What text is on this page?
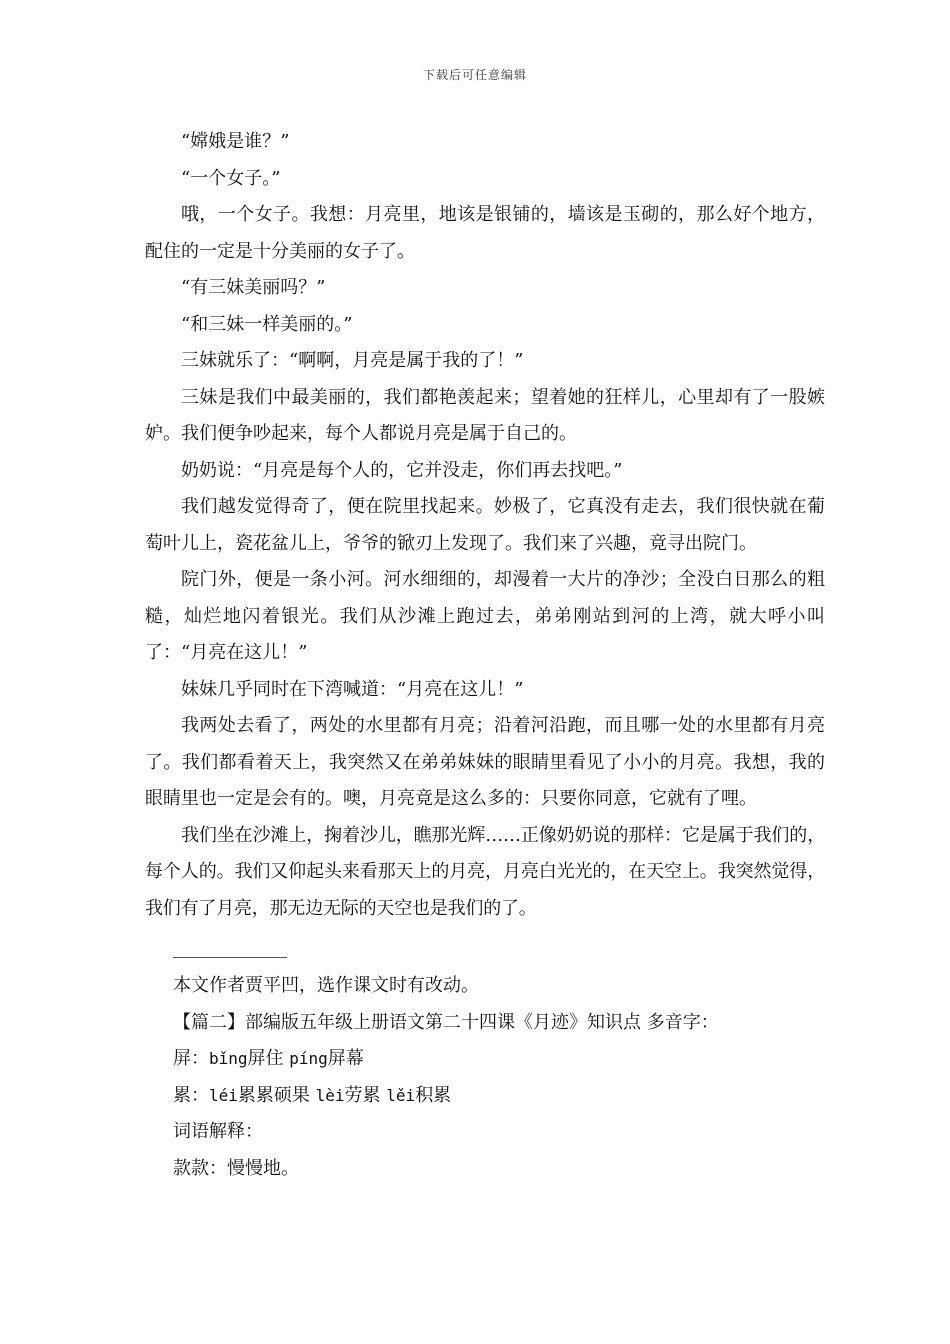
下载后可任意编辑

“嫦娥是谁？”

“一个女子。”

哦，一个女子。我想：月亮里，地该是银铺的，墙该是玉砌的，那么好个地方，配住的一定是十分美丽的女子了。

“有三妹美丽吗？”

“和三妹一样美丽的。”

三妹就乐了：“啊啊，月亮是属于我的了！”

三妹是我们中最美丽的，我们都艳羡起来；望着她的狂样儿，心里却有了一股嫉妒。我们便争吵起来，每个人都说月亮是属于自己的。

奶奶说：“月亮是每个人的，它并没走，你们再去找吧。”

我们越发觉得奇了，便在院里找起来。妙极了，它真没有走去，我们很快就在葡萄叶儿上，瓷花盆儿上，爷爷的锨刃上发现了。我们来了兴趣，竟寻出院门。

院门外，便是一条小河。河水细细的，却漫着一大片的净沙；全没白日那么的粗糙，灿烂地闪着银光。我们从沙滩上跑过去，弟弟刚站到河的上湾，就大呼小叫了：“月亮在这儿！”

妹妹几乎同时在下湾喊道：“月亮在这儿！”

我两处去看了，两处的水里都有月亮；沿着河沿跑，而且哪一处的水里都有月亮了。我们都看着天上，我突然又在弟弟妹妹的眼睛里看见了小小的月亮。我想，我的眼睛里也一定是会有的。噢，月亮竟是这么多的：只要你同意，它就有了哩。

我们坐在沙滩上，掬着沙儿，瞧那光辉……正像奶奶说的那样：它是属于我们的，每个人的。我们又仰起头来看那天上的月亮，月亮白光光的，在天空上。我突然觉得，我们有了月亮，那无边无际的天空也是我们的了。

本文作者贾平凹，选作课文时有改动。

【篇二】部编版五年级上册语文第二十四课《月迹》知识点 多音字：

屏：bǐng屏住 píng屏幕

累：léi累累硕果 lèi劳累 lěi积累

词语解释：

款款：慢慢地。
